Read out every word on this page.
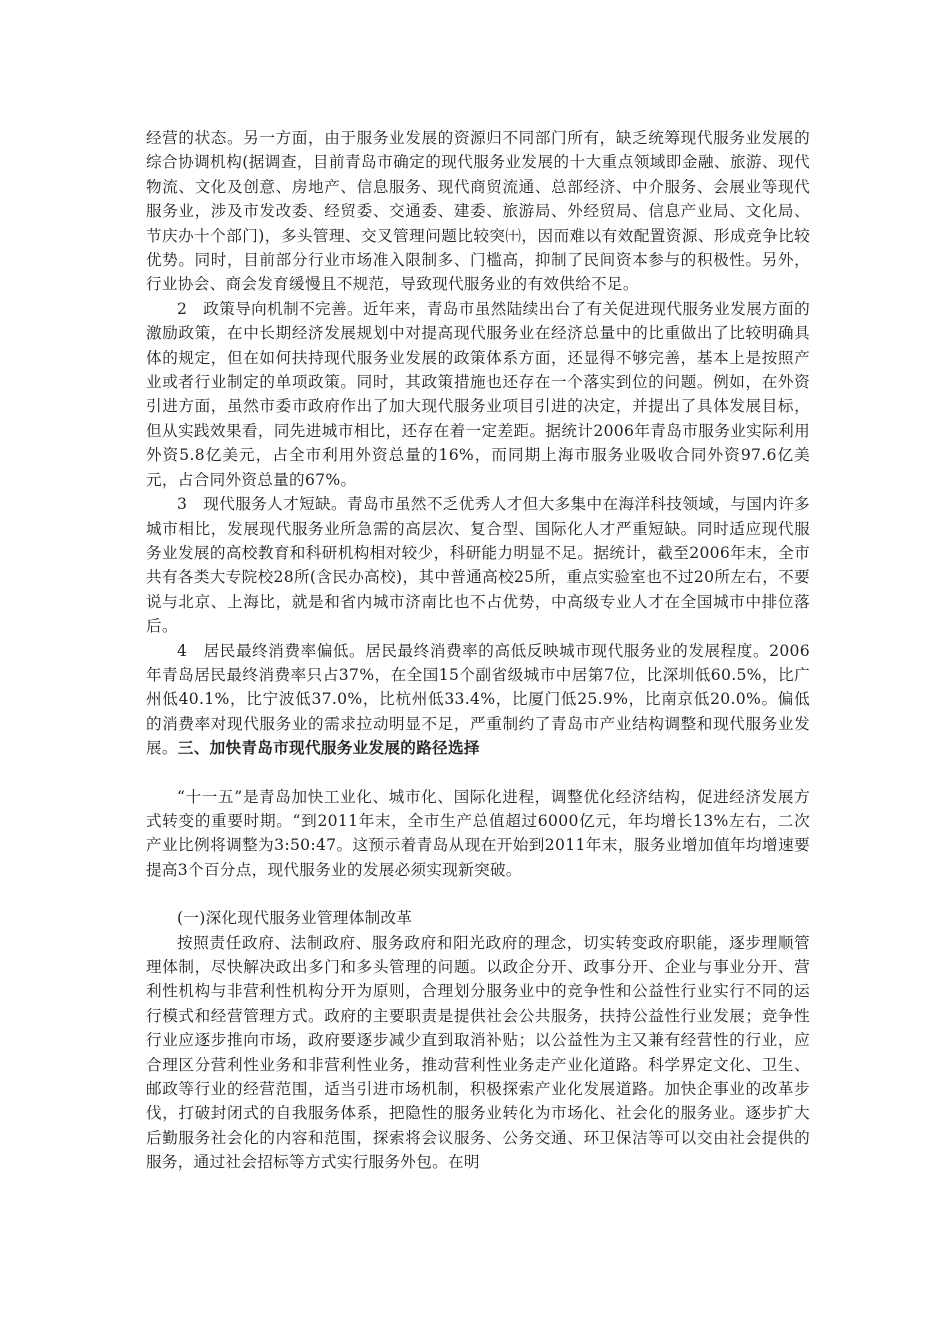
经营的状态。另一方面，由于服务业发展的资源归不同部门所有，缺乏统筹现代服务业发展的综合协调机构(据调查，目前青岛市确定的现代服务业发展的十大重点领域即金融、旅游、现代物流、文化及创意、房地产、信息服务、现代商贸流通、总部经济、中介服务、会展业等现代服务业，涉及市发改委、经贸委、交通委、建委、旅游局、外经贸局、信息产业局、文化局、节庆办十个部门)，多头管理、交叉管理问题比较突㈩，因而难以有效配置资源、形成竞争比较优势。同时，目前部分行业市场准入限制多、门槛高，抑制了民间资本参与的积极性。另外，行业协会、商会发育缓慢且不规范，导致现代服务业的有效供给不足。

2　政策导向机制不完善。近年来，青岛市虽然陆续出台了有关促进现代服务业发展方面的激励政策，在中长期经济发展规划中对提高现代服务业在经济总量中的比重做出了比较明确具体的规定，但在如何扶持现代服务业发展的政策体系方面，还显得不够完善，基本上是按照产业或者行业制定的单项政策。同时，其政策措施也还存在一个落实到位的问题。例如，在外资引进方面，虽然市委市政府作出了加大现代服务业项目引进的决定，并提出了具体发展目标，但从实践效果看，同先进城市相比，还存在着一定差距。据统计2006年青岛市服务业实际利用外资5.8亿美元，占全市利用外资总量的16%，而同期上海市服务业吸收合同外资97.6亿美元，占合同外资总量的67%。

3　现代服务人才短缺。青岛市虽然不乏优秀人才但大多集中在海洋科技领域，与国内许多城市相比，发展现代服务业所急需的高层次、复合型、国际化人才严重短缺。同时适应现代服务业发展的高校教育和科研机构相对较少，科研能力明显不足。据统计，截至2006年末，全市共有各类大专院校28所(含民办高校)，其中普通高校25所，重点实验室也不过20所左右，不要说与北京、上海比，就是和省内城市济南比也不占优势，中高级专业人才在全国城市中排位落后。

4　居民最终消费率偏低。居民最终消费率的高低反映城市现代服务业的发展程度。2006年青岛居民最终消费率只占37%，在全国15个副省级城市中居第7位，比深圳低60.5%，比广州低40.1%，比宁波低37.0%，比杭州低33.4%，比厦门低25.9%，比南京低20.0%。偏低的消费率对现代服务业的需求拉动明显不足，严重制约了青岛市产业结构调整和现代服务业发展。三、加快青岛市现代服务业发展的路径选择

“十一五”是青岛加快工业化、城市化、国际化进程，调整优化经济结构，促进经济发展方式转变的重要时期。“到2011年末，全市生产总值超过6000亿元，年均增长13%左右，二次产业比例将调整为3:50:47。这预示着青岛从现在开始到2011年末，服务业增加值年均增速要提高3个百分点，现代服务业的发展必须实现新突破。

(一)深化现代服务业管理体制改革

按照责任政府、法制政府、服务政府和阳光政府的理念，切实转变政府职能，逐步理顺管理体制，尽快解决政出多门和多头管理的问题。以政企分开、政事分开、企业与事业分开、营利性机构与非营利性机构分开为原则，合理划分服务业中的竞争性和公益性行业实行不同的运行模式和经营管理方式。政府的主要职责是提供社会公共服务，扶持公益性行业发展；竞争性行业应逐步推向市场，政府要逐步减少直到取消补贴；以公益性为主又兼有经营性的行业，应合理区分营利性业务和非营利性业务，推动营利性业务走产业化道路。科学界定文化、卫生、邮政等行业的经营范围，适当引进市场机制，积极探索产业化发展道路。加快企事业的改革步伐，打破封闭式的自我服务体系，把隐性的服务业转化为市场化、社会化的服务业。逐步扩大后勤服务社会化的内容和范围，探索将会议服务、公务交通、环卫保洁等可以交由社会提供的服务，通过社会招标等方式实行服务外包。在明
